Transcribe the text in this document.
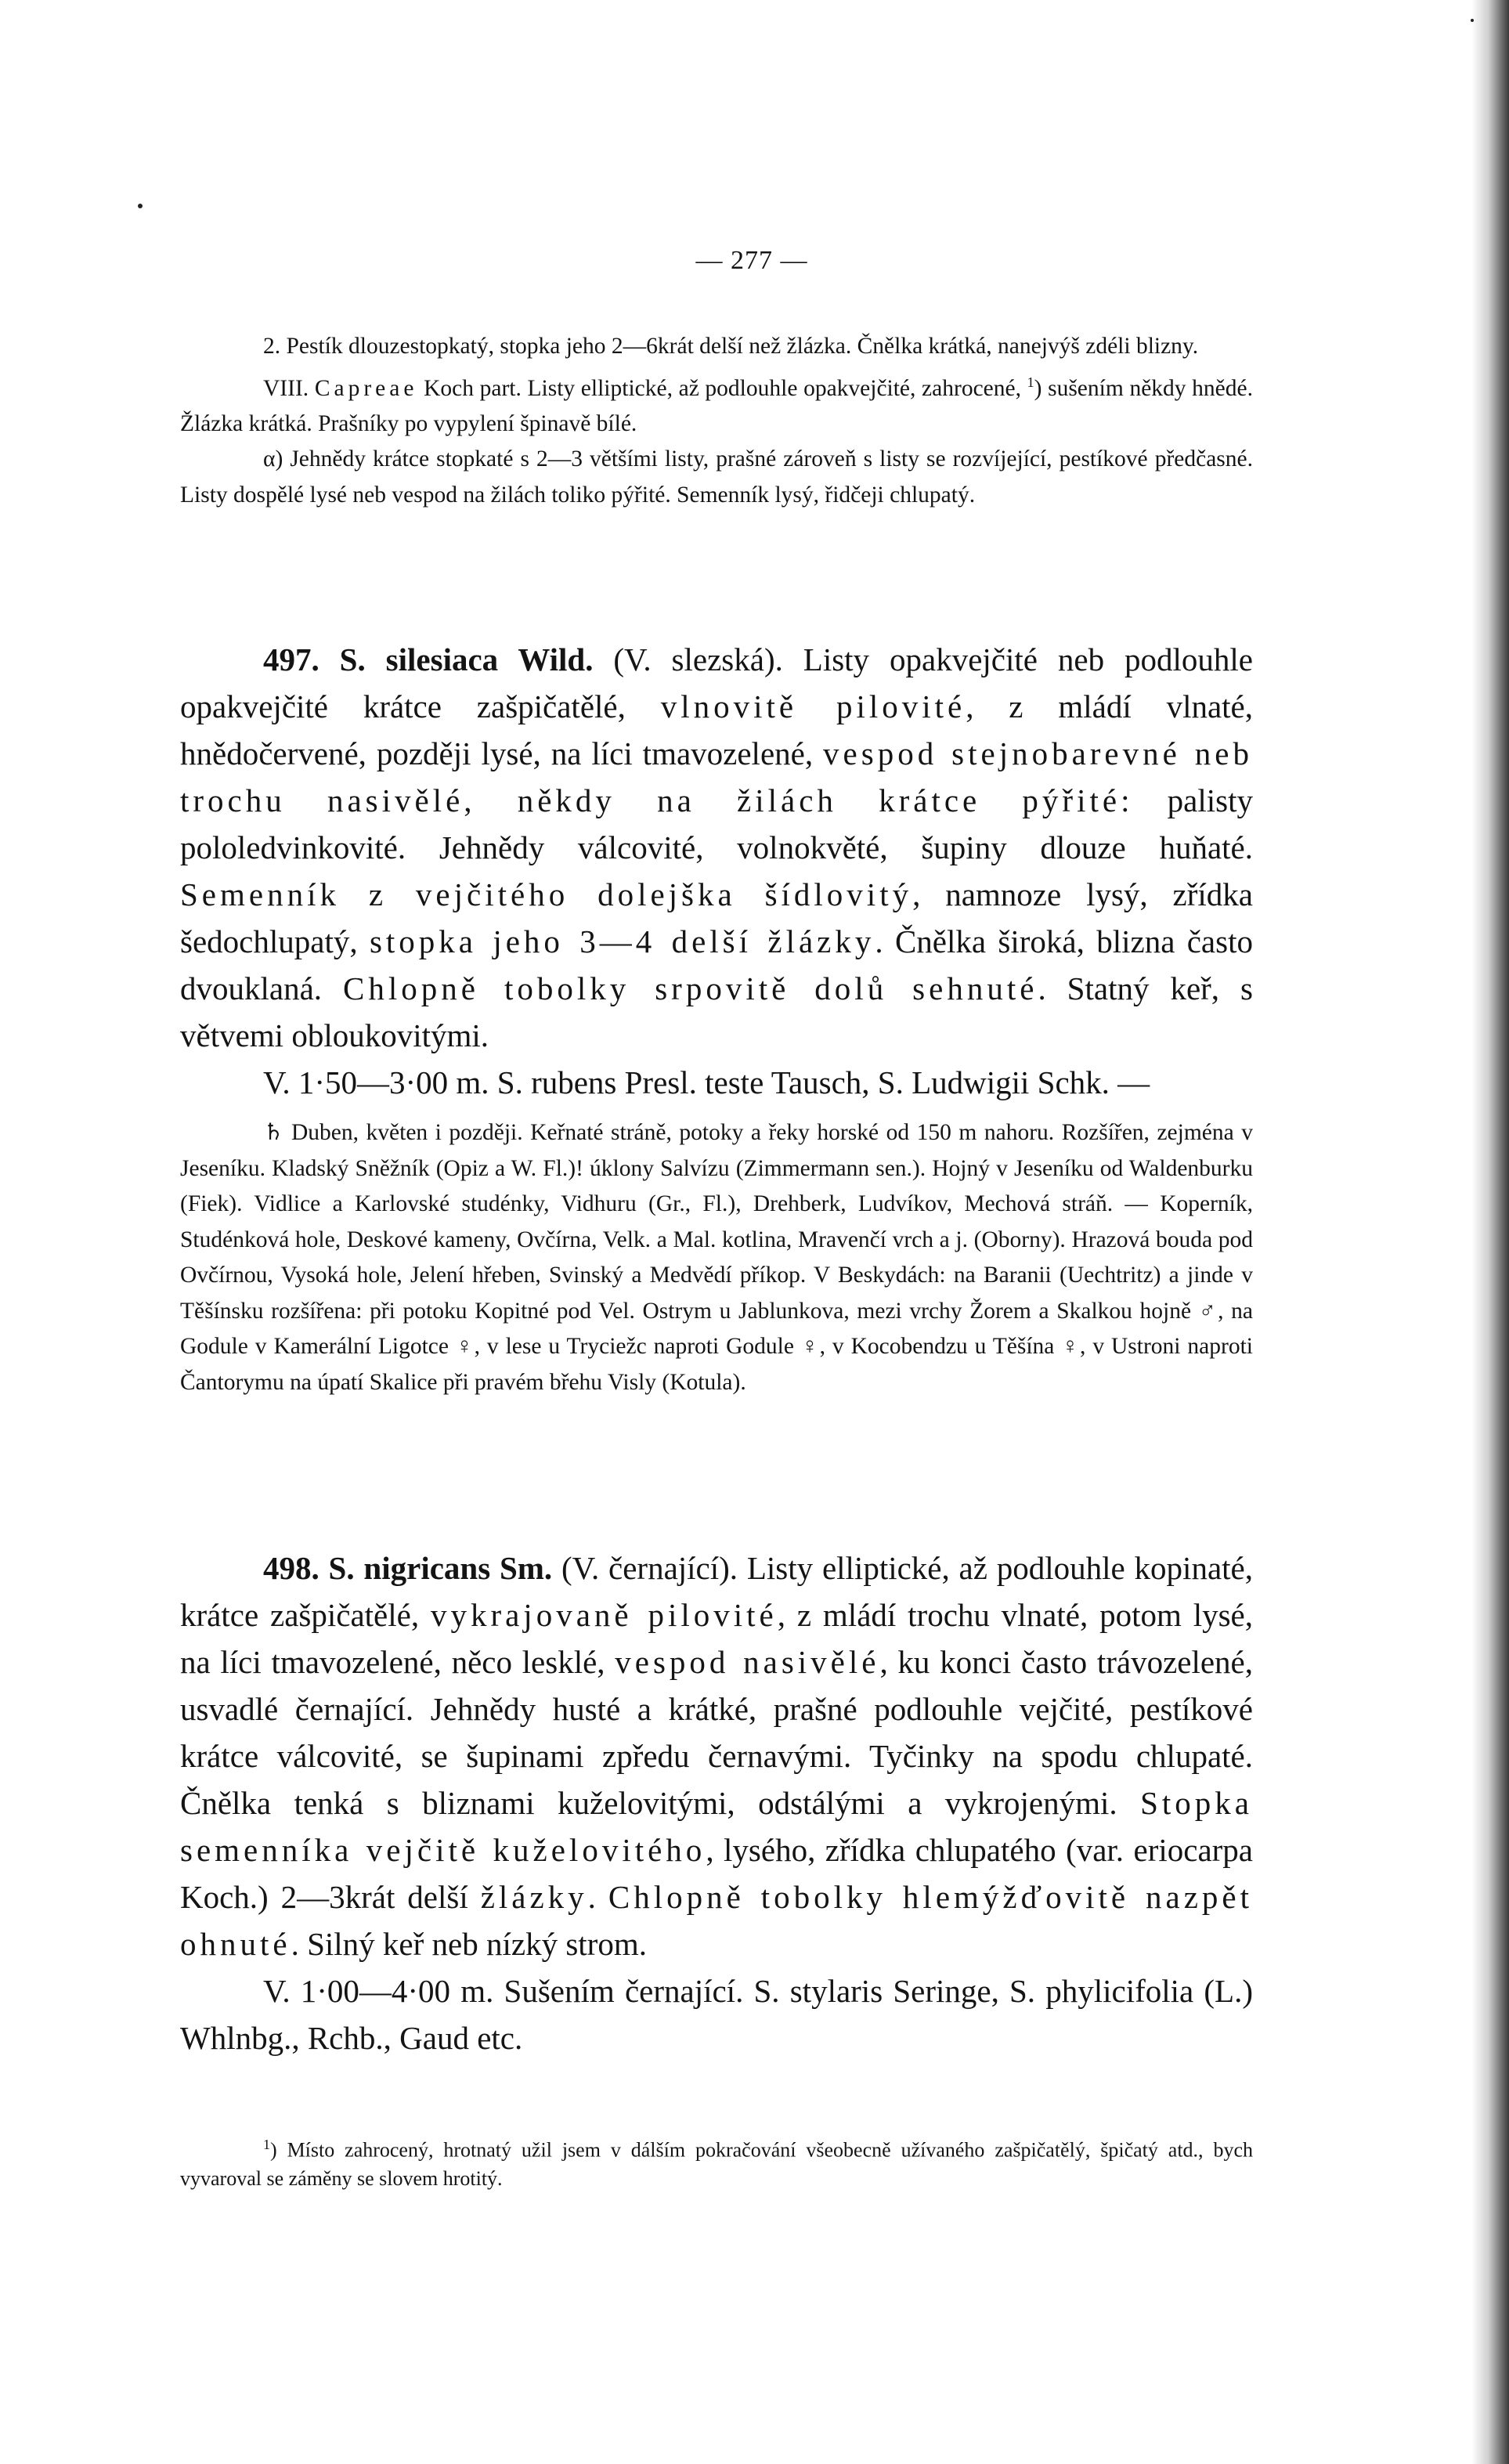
— 277 —

2. Pestík dlouzestopkatý, stopka jeho 2—6krát delší než žlázka. Čnělka krátká, nanejvýš zdéli blizny.

VIII. Capreae Koch part. Listy elliptické, až podlouhle opakvejčité, zahrocené, $^1$) sušením někdy hnědé. Žlázka krátká. Prašníky po vypylení špinavě bílé.

α) Jehnědy krátce stopkaté s 2—3 většími listy, prašné zároveň s listy se rozvíjející, pestíkové předčasné. Listy dospělé lysé neb vespod na žilách toliko pýřité. Semenník lysý, řidčeji chlupatý.

497. S. silesiaca Wild. (V. slezská). Listy opakvejčité neb podlouhle opakvejčité krátce zašpičatělé, vlnovitě pilovité, z mládí vlnaté, hnědočervené, později lysé, na líci tmavozelené, vespod stejnobarevné neb trochu nasivělé, někdy na žilách krátce pýřité: palisty pololedvinkovité. Jehnědy válcovité, volnokvěté, šupiny dlouze huňaté. Semenník z vejčitého dolejška šídlovitý, namnoze lysý, zřídka šedochlupatý, stopka jeho 3—4 delší žlázky. Čnělka široká, blizna často dvouklaná. Chlopně tobolky srpovitě dolů sehnuté. Statný keř, s větvemi obloukovitými.

V. 1·50—3·00 m. S. rubens Presl. teste Tausch, S. Ludwigii Schk. —

♄ Duben, květen i později. Keřnaté stráně, potoky a řeky horské od 150 m nahoru. Rozšířen, zejména v Jeseníku. Kladský Sněžník (Opiz a W. Fl.)! úklony Salvízu (Zimmermann sen.). Hojný v Jeseníku od Waldenburku (Fiek). Vidlice a Karlovské studénky, Vidhuru (Gr., Fl.), Drehberk, Ludvíkov, Mechová stráň. — Koperník, Studénková hole, Deskové kameny, Ovčírna, Velk. a Mal. kotlina, Mravenčí vrch a j. (Oborny). Hrazová bouda pod Ovčírnou, Vysoká hole, Jelení hřeben, Svinský a Medvědí příkop. V Beskydách: na Baranii (Uechtritz) a jinde v Těšínsku rozšířena: při potoku Kopitné pod Vel. Ostrym u Jablunkova, mezi vrchy Žorem a Skalkou hojně ♂, na Godule v Kamerální Ligotce ♀, v lese u Tryciežc naproti Godule ♀, v Kocobendzu u Těšína ♀, v Ustroni naproti Čantorymu na úpatí Skalice při pravém břehu Visly (Kotula).

498. S. nigricans Sm. (V. černající). Listy elliptické, až podlouhle kopinaté, krátce zašpičatělé, vykrajovaně pilovité, z mládí trochu vlnaté, potom lysé, na líci tmavozelené, něco lesklé, vespod nasivělé, ku konci často trávozelené, usvadlé černající. Jehnědy husté a krátké, prašné podlouhle vejčité, pestíkové krátce válcovité, se šupinami zpředu černavými. Tyčinky na spodu chlupaté. Čnělka tenká s bliznami kuželovitými, odstálými a vykrojenými. Stopka semenníka vejčitě kuželovitého, lysého, zřídka chlupatého (var. eriocarpa Koch.) 2—3krát delší žlázky. Chlopně tobolky hlemýžďovitě nazpět ohnuté. Silný keř neb nízký strom.

V. 1·00—4·00 m. Sušením černající. S. stylaris Seringe, S. phylicifolia (L.) Whlnbg., Rchb., Gaud etc.

$^1$) Místo zahrocený, hrotnatý užil jsem v dálším pokračování všeobecně užívaného zašpičatělý, špičatý atd., bych vyvaroval se záměny se slovem hrotitý.
